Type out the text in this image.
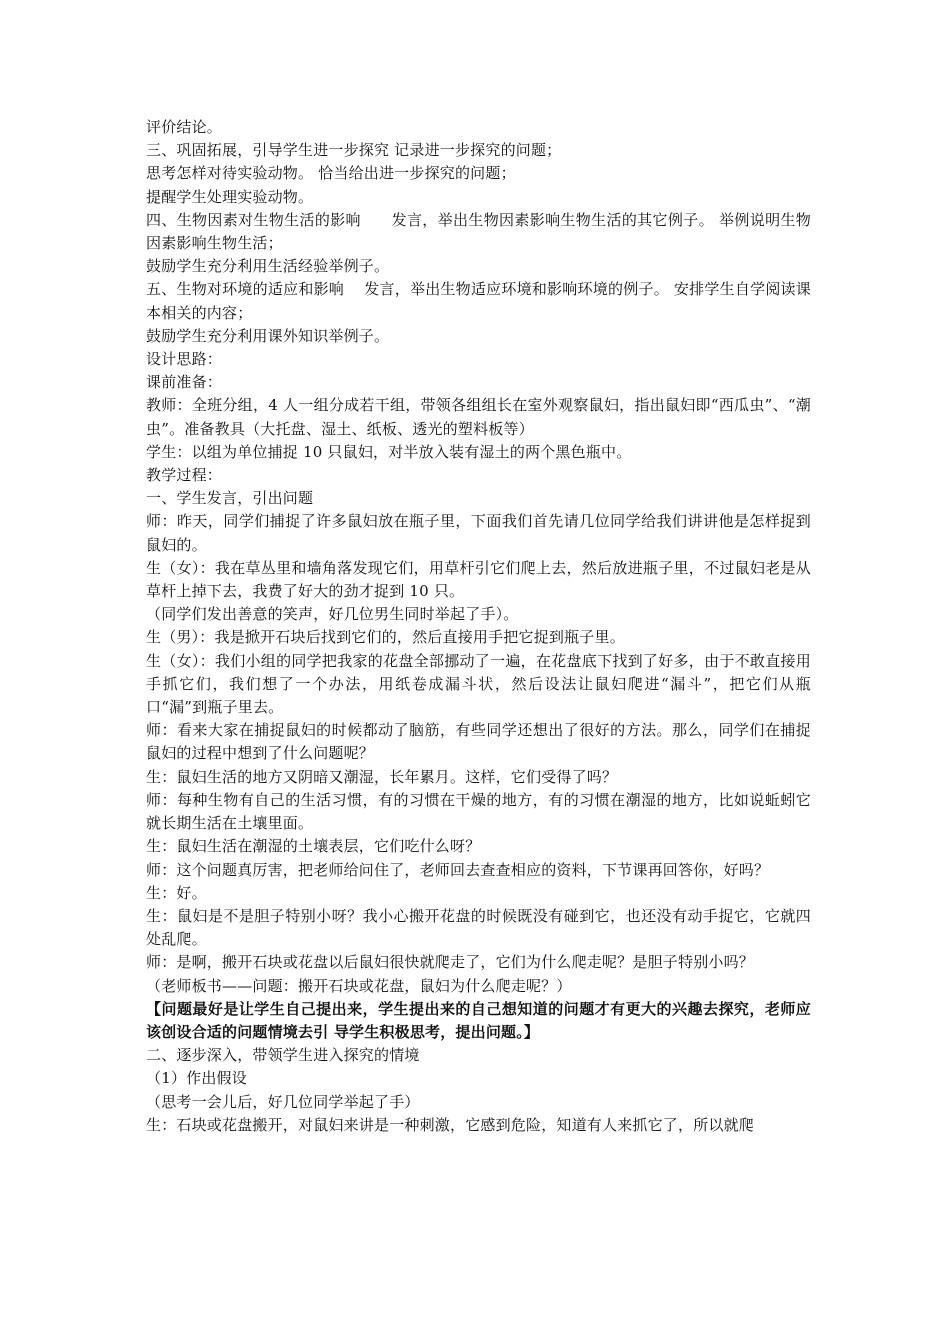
评价结论。

三、巩固拓展，引导学生进一步探究 记录进一步探究的问题；

思考怎样对待实验动物。 恰当给出进一步探究的问题；

提醒学生处理实验动物。

四、生物因素对生物生活的影响　　发言，举出生物因素影响生物生活的其它例子。 举例说明生物因素影响生物生活；

鼓励学生充分利用生活经验举例子。

五、生物对环境的适应和影响　 发言，举出生物适应环境和影响环境的例子。 安排学生自学阅读课本相关的内容；

鼓励学生充分利用课外知识举例子。

设计思路：

课前准备：

教师：全班分组，4 人一组分成若干组，带领各组组长在室外观察鼠妇，指出鼠妇即“西瓜虫”、“潮虫”。准备教具（大托盘、湿土、纸板、透光的塑料板等）

学生：以组为单位捕捉 10 只鼠妇，对半放入装有湿土的两个黑色瓶中。

教学过程：

一、学生发言，引出问题

师：昨天，同学们捕捉了许多鼠妇放在瓶子里，下面我们首先请几位同学给我们讲讲他是怎样捉到鼠妇的。

生（女）：我在草丛里和墙角落发现它们，用草杆引它们爬上去，然后放进瓶子里，不过鼠妇老是从草杆上掉下去，我费了好大的劲才捉到 10 只。

（同学们发出善意的笑声，好几位男生同时举起了手）。

生（男）：我是掀开石块后找到它们的，然后直接用手把它捉到瓶子里。

生（女）：我们小组的同学把我家的花盘全部挪动了一遍，在花盘底下找到了好多，由于不敢直接用手抓它们，我们想了一个办法，用纸卷成漏斗状，然后设法让鼠妇爬进“漏斗”，把它们从瓶口“漏”到瓶子里去。

师：看来大家在捕捉鼠妇的时候都动了脑筋，有些同学还想出了很好的方法。那么，同学们在捕捉鼠妇的过程中想到了什么问题呢？

生：鼠妇生活的地方又阴暗又潮湿，长年累月。这样，它们受得了吗？

师：每种生物有自己的生活习惯，有的习惯在干燥的地方，有的习惯在潮湿的地方，比如说蚯蚓它就长期生活在土壤里面。

生：鼠妇生活在潮湿的土壤表层，它们吃什么呀？

师：这个问题真厉害，把老师给问住了，老师回去查查相应的资料，下节课再回答你，好吗？

生：好。

生：鼠妇是不是胆子特别小呀？我小心搬开花盘的时候既没有碰到它，也还没有动手捉它，它就四处乱爬。

师：是啊，搬开石块或花盘以后鼠妇很快就爬走了，它们为什么爬走呢？是胆子特别小吗？

（老师板书——问题：搬开石块或花盘，鼠妇为什么爬走呢？）

【问题最好是让学生自己提出来，学生提出来的自己想知道的问题才有更大的兴趣去探究，老师应该创设合适的问题情境去引 导学生积极思考，提出问题。】

二、逐步深入，带领学生进入探究的情境

（1）作出假设

（思考一会儿后，好几位同学举起了手）

生：石块或花盘搬开，对鼠妇来讲是一种刺激，它感到危险，知道有人来抓它了，所以就爬
